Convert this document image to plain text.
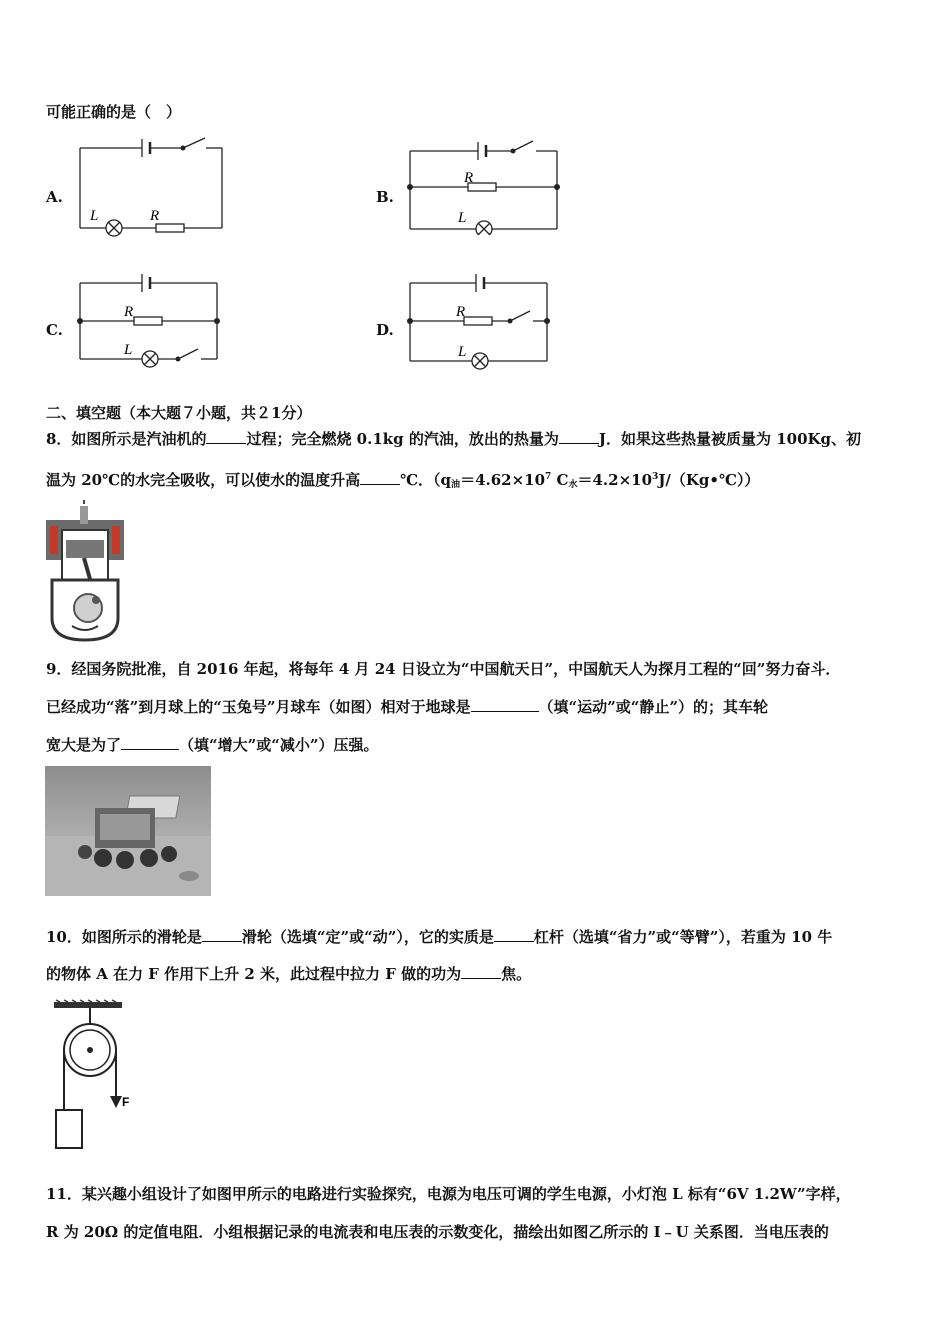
可能正确的是（　）
A.
L	R
B.
R
L
C.
R
L
D.
R
L
二、填空题（本大题７小题，共２1分）
8．如图所示是汽油机的	过程；完全燃烧 0.1kg 的汽油，放出的热量为	J．如果这些热量被质量为 100Kg、初
温为 20℃的水完全吸收，可以使水的温度升高	℃．（$q_油=4.62\times 10^7$ $C_水=4.2\times 10^3J/(Kg•℃)$）
9．经国务院批准，自 2016 年起，将每年 4 月 24 日设立为“中国航天日”，中国航天人为探月工程的“回”努力奋斗．
已经成功“落”到月球上的“玉兔号”月球车（如图）相对于地球是	（填“运动”或“静止”）的；其车轮
宽大是为了	（填“增大”或“减小”）压强。
10．如图所示的滑轮是	滑轮（选填“定”或“动”），它的实质是	杠杆（选填“省力”或“等臂”），若重为 10 牛
的物体 A 在力 F 作用下上升 2 米，此过程中拉力 F 做的功为	焦。
F
11．某兴趣小组设计了如图甲所示的电路进行实验探究，电源为电压可调的学生电源，小灯泡 L 标有“6V 1.2W”字样，
R 为 20Ω 的定值电阻．小组根据记录的电流表和电压表的示数变化，描绘出如图乙所示的 I﹣U 关系图．当电压表的
